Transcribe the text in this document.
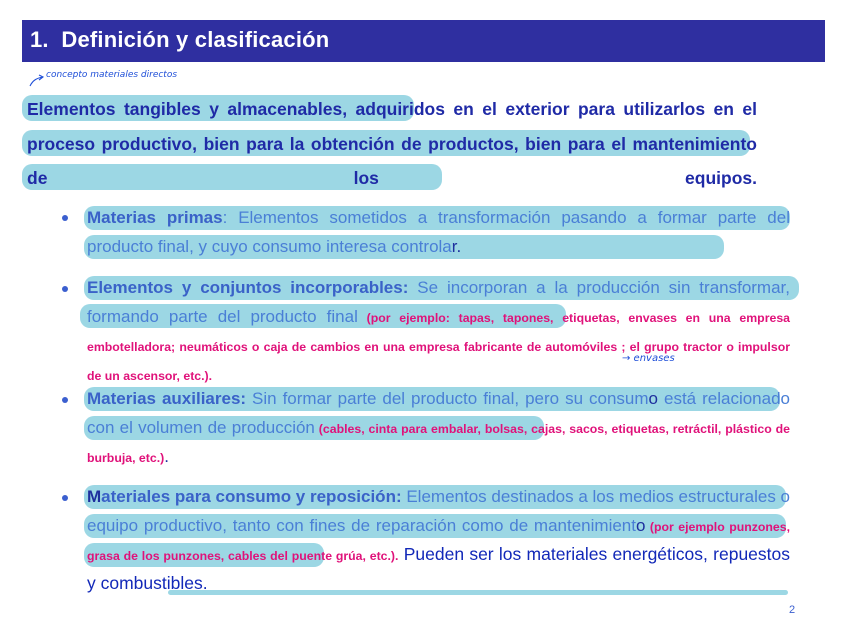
1. Definición y clasificación
concepto materiales directos
Elementos tangibles y almacenables, adquiridos en el exterior para utilizarlos en el proceso productivo, bien para la obtención de productos, bien para el mantenimiento de los equipos.
Materias primas: Elementos sometidos a transformación pasando a formar parte del producto final, y cuyo consumo interesa controlar.
Elementos y conjuntos incorporables: Se incorporan a la producción sin transformar, formando parte del producto final (por ejemplo: tapas, tapones, etiquetas, envases en una empresa embotelladora; neumáticos o caja de cambios en una empresa fabricante de automóviles ; el grupo tractor o impulsor de un ascensor, etc.).
→ envases
Materias auxiliares: Sin formar parte del producto final, pero su consumo está relacionado con el volumen de producción (cables, cinta para embalar, bolsas, cajas, sacos, etiquetas, retráctil, plástico de burbuja, etc.).
Materiales para consumo y reposición: Elementos destinados a los medios estructurales o equipo productivo, tanto con fines de reparación como de mantenimiento (por ejemplo punzones, grasa de los punzones, cables del puente grúa, etc.). Pueden ser los materiales energéticos, repuestos y combustibles.
2
